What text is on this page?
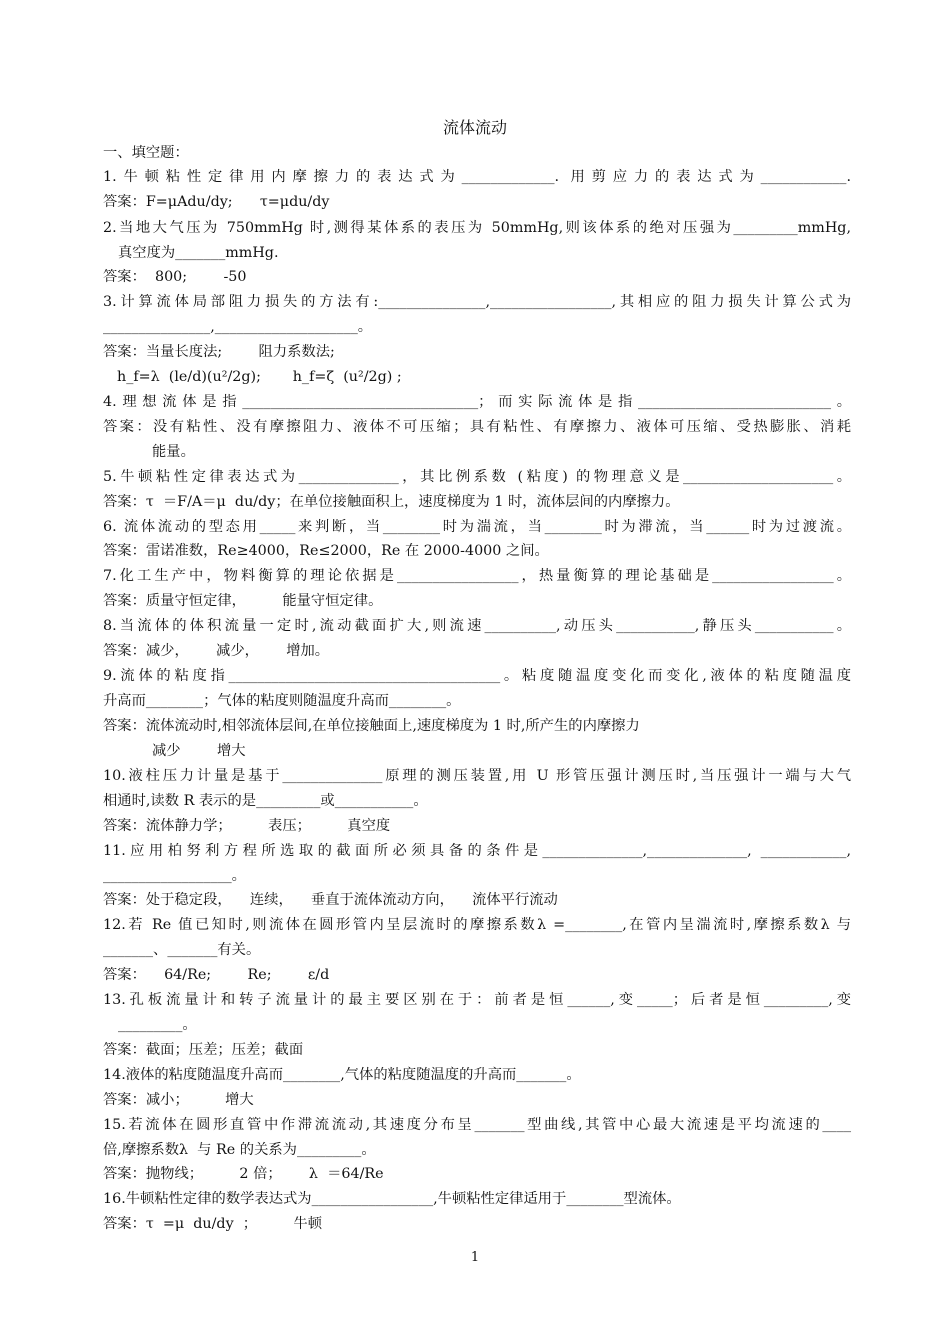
流体流动
一、填空题：
1.牛顿粘性定律用内摩擦力的表达式为_____________. 用剪应力的表达式为____________.
答案：F=μAdu/dy;      τ=μdu/dy
2.当地大气压为 750mmHg 时,测得某体系的表压为 50mmHg,则该体系的绝对压强为_________mmHg,
真空度为_______mmHg.
答案：  800;        -50
3.计算流体局部阻力损失的方法有:_______________,_________________,其相应的阻力损失计算公式为
_______________,____________________。
答案：当量长度法;        阻力系数法;
h_f=λ  (le/d)(u²/2g);       h_f=ζ  (u²/2g) ;
4.理想流体是指_________________________________；而实际流体是指___________________________。
答案：没有粘性、没有摩擦阻力、液体不可压缩；具有粘性、有摩擦力、液体可压缩、受热膨胀、消耗
能量。
5.牛顿粘性定律表达式为______________，其比例系数 (粘度) 的物理意义是_____________________。
答案：τ  ＝F/A＝μ  du/dy；在单位接触面积上，速度梯度为 1 时，流体层间的内摩擦力。
6. 流体流动的型态用_____来判断，当________时为湍流，当________时为滞流，当______时为过渡流。
答案：雷诺准数，Re≥4000，Re≤2000，Re 在 2000-4000 之间。
7.化工生产中，物料衡算的理论依据是_________________，热量衡算的理论基础是_________________。
答案：质量守恒定律，        能量守恒定律。
8.当流体的体积流量一定时,流动截面扩大,则流速__________,动压头___________,静压头___________。
答案：减少，      减少，      增加。
9.流体的粘度指______________________________________。粘度随温度变化而变化,液体的粘度随温度
升高而________；气体的粘度则随温度升高而________。
答案：流体流动时,相邻流体层间,在单位接触面上,速度梯度为 1 时,所产生的内摩擦力
减少        增大
10.液柱压力计量是基于______________原理的测压装置,用 U 形管压强计测压时,当压强计一端与大气
相通时,读数 R 表示的是_________或___________。
答案：流体静力学；        表压；        真空度
11.应用柏努利方程所选取的截面所必须具备的条件是______________,______________, ____________,
__________________。
答案：处于稳定段，    连续，    垂直于流体流动方向，    流体平行流动
12.若 Re 值已知时,则流体在圆形管内呈层流时的摩擦系数λ =________,在管内呈湍流时,摩擦系数λ 与
_______、_______有关。
答案：    64/Re;        Re;        ε/d
13.孔板流量计和转子流量计的最主要区别在于：前者是恒______,变_____；后者是恒_________,变
_________。
答案：截面；压差；压差；截面
14.液体的粘度随温度升高而________,气体的粘度随温度的升高而_______。
答案：减小；        增大
15.若流体在圆形直管中作滞流流动,其速度分布呈_______型曲线,其管中心最大流速是平均流速的____
倍,摩擦系数λ  与 Re 的关系为_________。
答案：抛物线；        2 倍；      λ  ＝64/Re
16.牛顿粘性定律的数学表达式为_________________,牛顿粘性定律适用于________型流体。
答案：τ  =μ  du/dy  ；        牛顿
1
